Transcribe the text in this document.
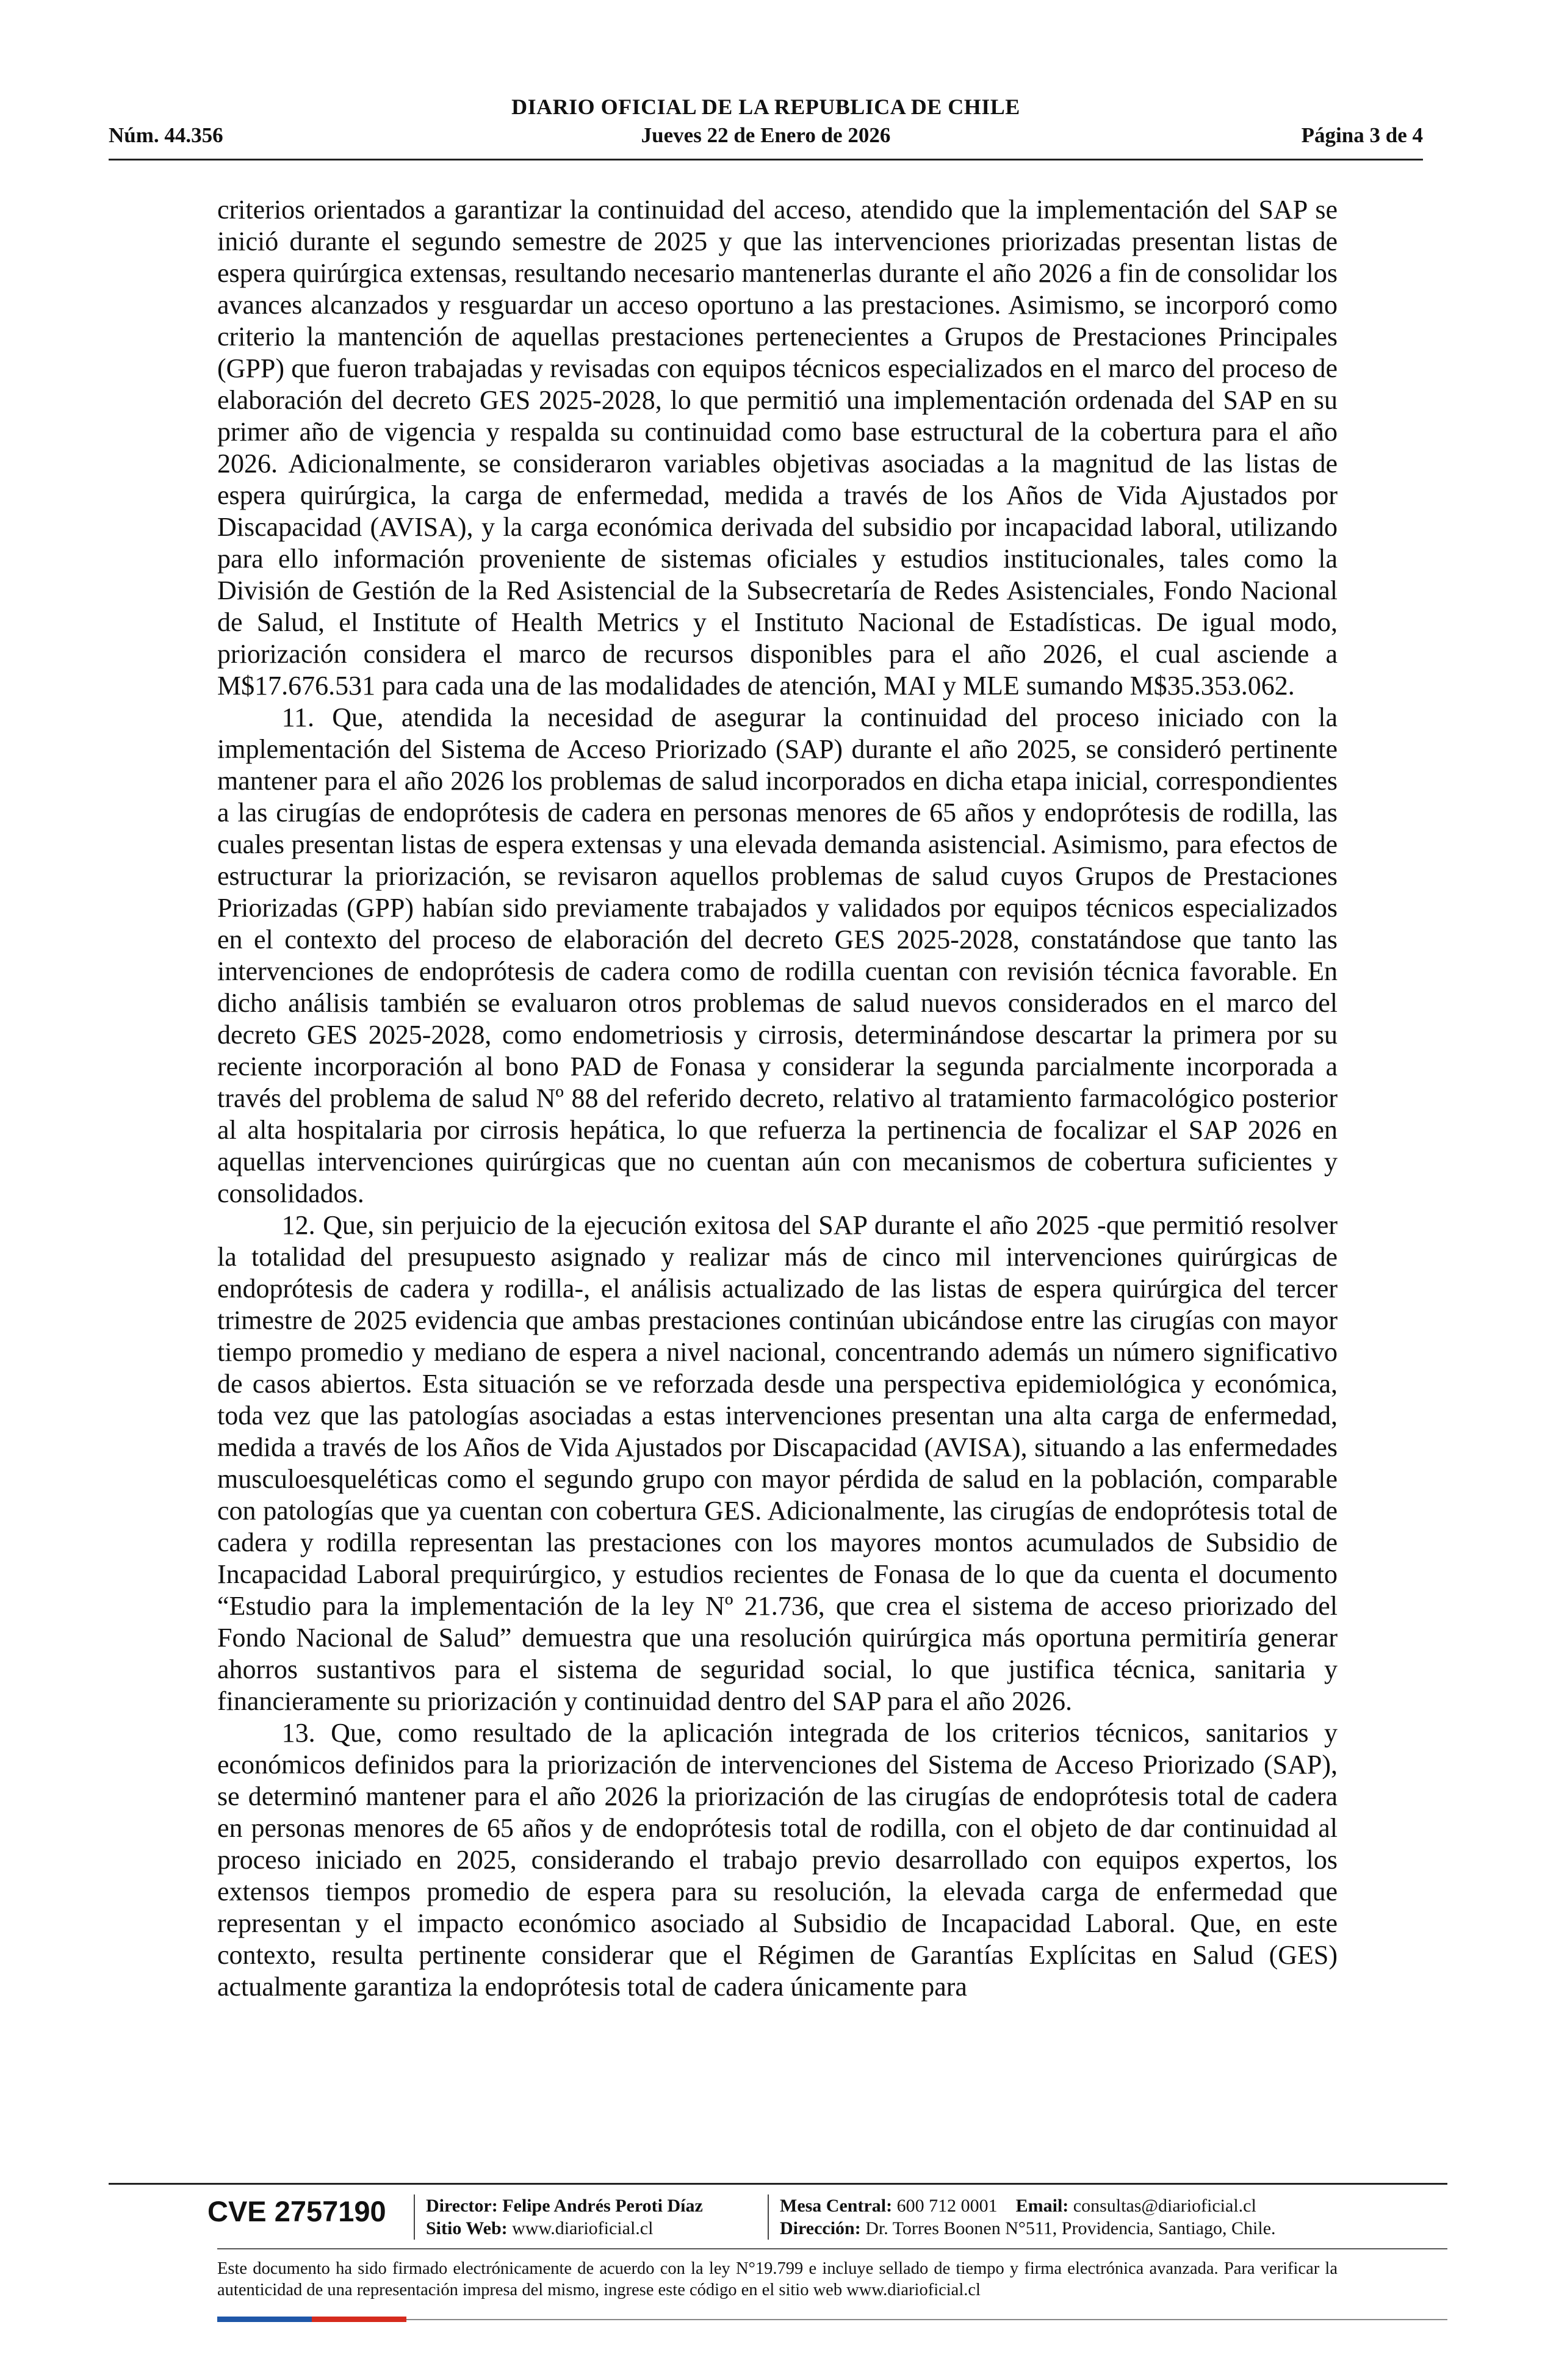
DIARIO OFICIAL DE LA REPUBLICA DE CHILE
Núm. 44.356	Jueves 22 de Enero de 2026	Página 3 de 4

criterios orientados a garantizar la continuidad del acceso, atendido que la implementación del SAP se inició durante el segundo semestre de 2025 y que las intervenciones priorizadas presentan listas de espera quirúrgica extensas, resultando necesario mantenerlas durante el año 2026 a fin de consolidar los avances alcanzados y resguardar un acceso oportuno a las prestaciones. Asimismo, se incorporó como criterio la mantención de aquellas prestaciones pertenecientes a Grupos de Prestaciones Principales (GPP) que fueron trabajadas y revisadas con equipos técnicos especializados en el marco del proceso de elaboración del decreto GES 2025-2028, lo que permitió una implementación ordenada del SAP en su primer año de vigencia y respalda su continuidad como base estructural de la cobertura para el año 2026. Adicionalmente, se consideraron variables objetivas asociadas a la magnitud de las listas de espera quirúrgica, la carga de enfermedad, medida a través de los Años de Vida Ajustados por Discapacidad (AVISA), y la carga económica derivada del subsidio por incapacidad laboral, utilizando para ello información proveniente de sistemas oficiales y estudios institucionales, tales como la División de Gestión de la Red Asistencial de la Subsecretaría de Redes Asistenciales, Fondo Nacional de Salud, el Institute of Health Metrics y el Instituto Nacional de Estadísticas. De igual modo, priorización considera el marco de recursos disponibles para el año 2026, el cual asciende a M$17.676.531 para cada una de las modalidades de atención, MAI y MLE sumando M$35.353.062.

11. Que, atendida la necesidad de asegurar la continuidad del proceso iniciado con la implementación del Sistema de Acceso Priorizado (SAP) durante el año 2025, se consideró pertinente mantener para el año 2026 los problemas de salud incorporados en dicha etapa inicial, correspondientes a las cirugías de endoprótesis de cadera en personas menores de 65 años y endoprótesis de rodilla, las cuales presentan listas de espera extensas y una elevada demanda asistencial. Asimismo, para efectos de estructurar la priorización, se revisaron aquellos problemas de salud cuyos Grupos de Prestaciones Priorizadas (GPP) habían sido previamente trabajados y validados por equipos técnicos especializados en el contexto del proceso de elaboración del decreto GES 2025-2028, constatándose que tanto las intervenciones de endoprótesis de cadera como de rodilla cuentan con revisión técnica favorable. En dicho análisis también se evaluaron otros problemas de salud nuevos considerados en el marco del decreto GES 2025-2028, como endometriosis y cirrosis, determinándose descartar la primera por su reciente incorporación al bono PAD de Fonasa y considerar la segunda parcialmente incorporada a través del problema de salud Nº 88 del referido decreto, relativo al tratamiento farmacológico posterior al alta hospitalaria por cirrosis hepática, lo que refuerza la pertinencia de focalizar el SAP 2026 en aquellas intervenciones quirúrgicas que no cuentan aún con mecanismos de cobertura suficientes y consolidados.

12. Que, sin perjuicio de la ejecución exitosa del SAP durante el año 2025 -que permitió resolver la totalidad del presupuesto asignado y realizar más de cinco mil intervenciones quirúrgicas de endoprótesis de cadera y rodilla-, el análisis actualizado de las listas de espera quirúrgica del tercer trimestre de 2025 evidencia que ambas prestaciones continúan ubicándose entre las cirugías con mayor tiempo promedio y mediano de espera a nivel nacional, concentrando además un número significativo de casos abiertos. Esta situación se ve reforzada desde una perspectiva epidemiológica y económica, toda vez que las patologías asociadas a estas intervenciones presentan una alta carga de enfermedad, medida a través de los Años de Vida Ajustados por Discapacidad (AVISA), situando a las enfermedades musculoesqueléticas como el segundo grupo con mayor pérdida de salud en la población, comparable con patologías que ya cuentan con cobertura GES. Adicionalmente, las cirugías de endoprótesis total de cadera y rodilla representan las prestaciones con los mayores montos acumulados de Subsidio de Incapacidad Laboral prequirúrgico, y estudios recientes de Fonasa de lo que da cuenta el documento “Estudio para la implementación de la ley Nº 21.736, que crea el sistema de acceso priorizado del Fondo Nacional de Salud” demuestra que una resolución quirúrgica más oportuna permitiría generar ahorros sustantivos para el sistema de seguridad social, lo que justifica técnica, sanitaria y financieramente su priorización y continuidad dentro del SAP para el año 2026.

13. Que, como resultado de la aplicación integrada de los criterios técnicos, sanitarios y económicos definidos para la priorización de intervenciones del Sistema de Acceso Priorizado (SAP), se determinó mantener para el año 2026 la priorización de las cirugías de endoprótesis total de cadera en personas menores de 65 años y de endoprótesis total de rodilla, con el objeto de dar continuidad al proceso iniciado en 2025, considerando el trabajo previo desarrollado con equipos expertos, los extensos tiempos promedio de espera para su resolución, la elevada carga de enfermedad que representan y el impacto económico asociado al Subsidio de Incapacidad Laboral. Que, en este contexto, resulta pertinente considerar que el Régimen de Garantías Explícitas en Salud (GES) actualmente garantiza la endoprótesis total de cadera únicamente para

CVE 2757190 Director: Felipe Andrés Peroti Díaz
Sitio Web: www.diarioficial.cl
Mesa Central: 600 712 0001 Email: consultas@diarioficial.cl
Dirección: Dr. Torres Boonen N°511, Providencia, Santiago, Chile.
Este documento ha sido firmado electrónicamente de acuerdo con la ley N°19.799 e incluye sellado de tiempo y firma electrónica avanzada. Para verificar la autenticidad de una representación impresa del mismo, ingrese este código en el sitio web www.diarioficial.cl
